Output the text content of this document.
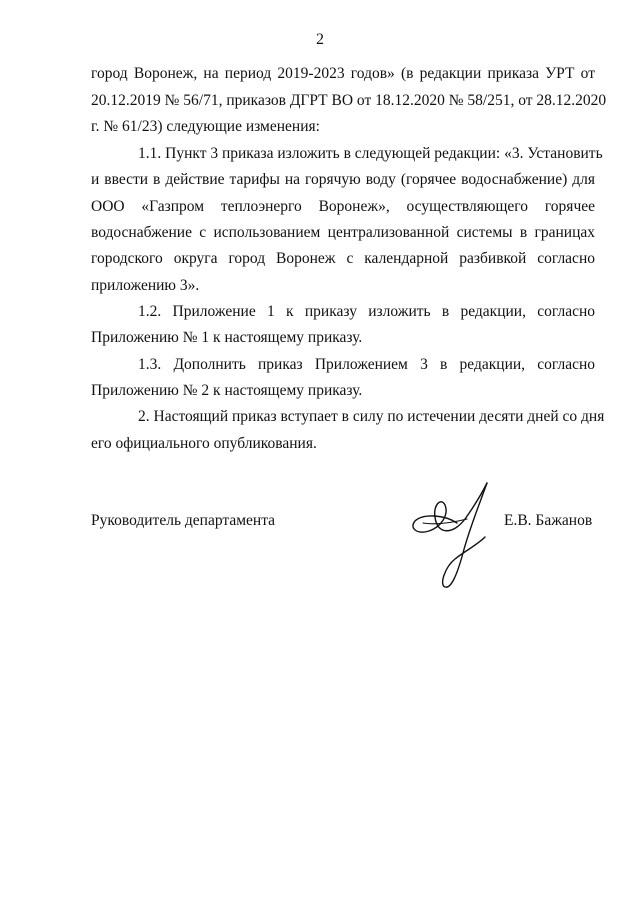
2
город Воронеж, на период 2019-2023 годов» (в редакции приказа УРТ от
20.12.2019 № 56/71, приказов ДГРТ ВО от 18.12.2020 № 58/251, от 28.12.2020
г. № 61/23) следующие изменения:
1.1. Пункт 3 приказа изложить в следующей редакции: «3. Установить
и ввести в действие тарифы на горячую воду (горячее водоснабжение) для
ООО «Газпром теплоэнерго Воронеж», осуществляющего горячее
водоснабжение с использованием централизованной системы в границах
городского округа город Воронеж с календарной разбивкой согласно
приложению 3».
1.2. Приложение 1 к приказу изложить в редакции, согласно
Приложению № 1 к настоящему приказу.
1.3. Дополнить приказ Приложением 3 в редакции, согласно
Приложению № 2 к настоящему приказу.
2. Настоящий приказ вступает в силу по истечении десяти дней со дня
его официального опубликования.
Руководитель департамента	Е.В. Бажанов
